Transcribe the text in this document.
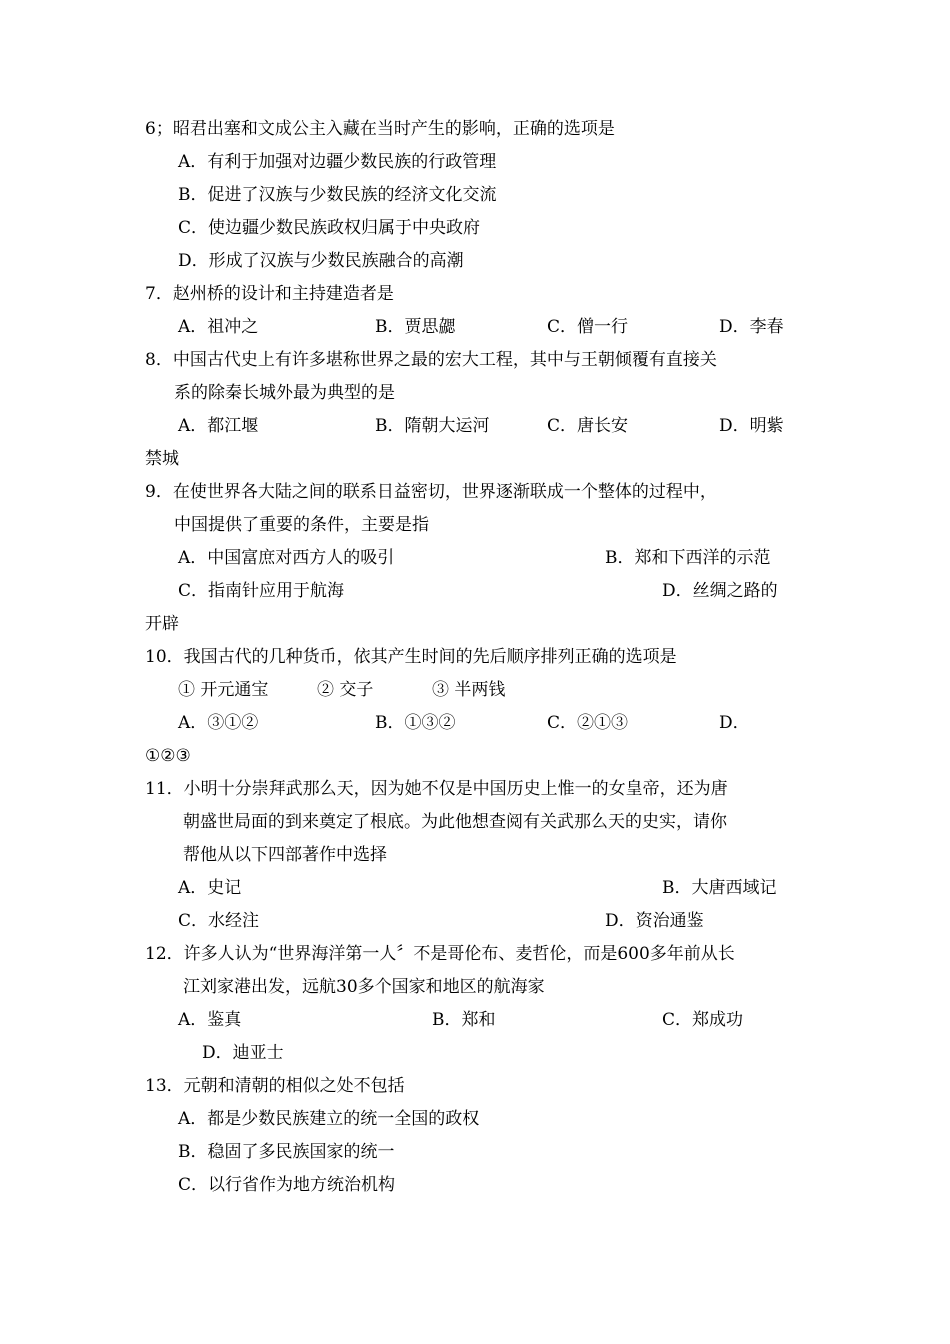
6；昭君出塞和文成公主入藏在当时产生的影响，正确的选项是
A．有利于加强对边疆少数民族的行政管理
B．促进了汉族与少数民族的经济文化交流
C．使边疆少数民族政权归属于中央政府
D．形成了汉族与少数民族融合的高潮
7．赵州桥的设计和主持建造者是
A．祖冲之	B．贾思勰	C．僧一行	D．李春
8．中国古代史上有许多堪称世界之最的宏大工程，其中与王朝倾覆有直接关
系的除秦长城外最为典型的是
A．都江堰	B．隋朝大运河	C．唐长安	D．明紫
禁城
9．在使世界各大陆之间的联系日益密切，世界逐渐联成一个整体的过程中，
中国提供了重要的条件，主要是指
A．中国富庶对西方人的吸引	B．郑和下西洋的示范
C．指南针应用于航海	D．丝绸之路的
开辟
10．我国古代的几种货币，依其产生时间的先后顺序排列正确的选项是
① 开元通宝	② 交子	③ 半两钱
A．③①②	B．①③②	C．②①③	D．
①②③
11．小明十分崇拜武那么天，因为她不仅是中国历史上惟一的女皇帝，还为唐
朝盛世局面的到来奠定了根底。为此他想查阅有关武那么天的史实，请你
帮他从以下四部著作中选择
A．史记	B．大唐西域记
C．水经注	D．资治通鉴
12．许多人认为“世界海洋第一人〞不是哥伦布、麦哲伦，而是600多年前从长
江刘家港出发，远航30多个国家和地区的航海家
A．鉴真	B．郑和	C．郑成功
D．迪亚士
13．元朝和清朝的相似之处不包括
A．都是少数民族建立的统一全国的政权
B．稳固了多民族国家的统一
C．以行省作为地方统治机构
